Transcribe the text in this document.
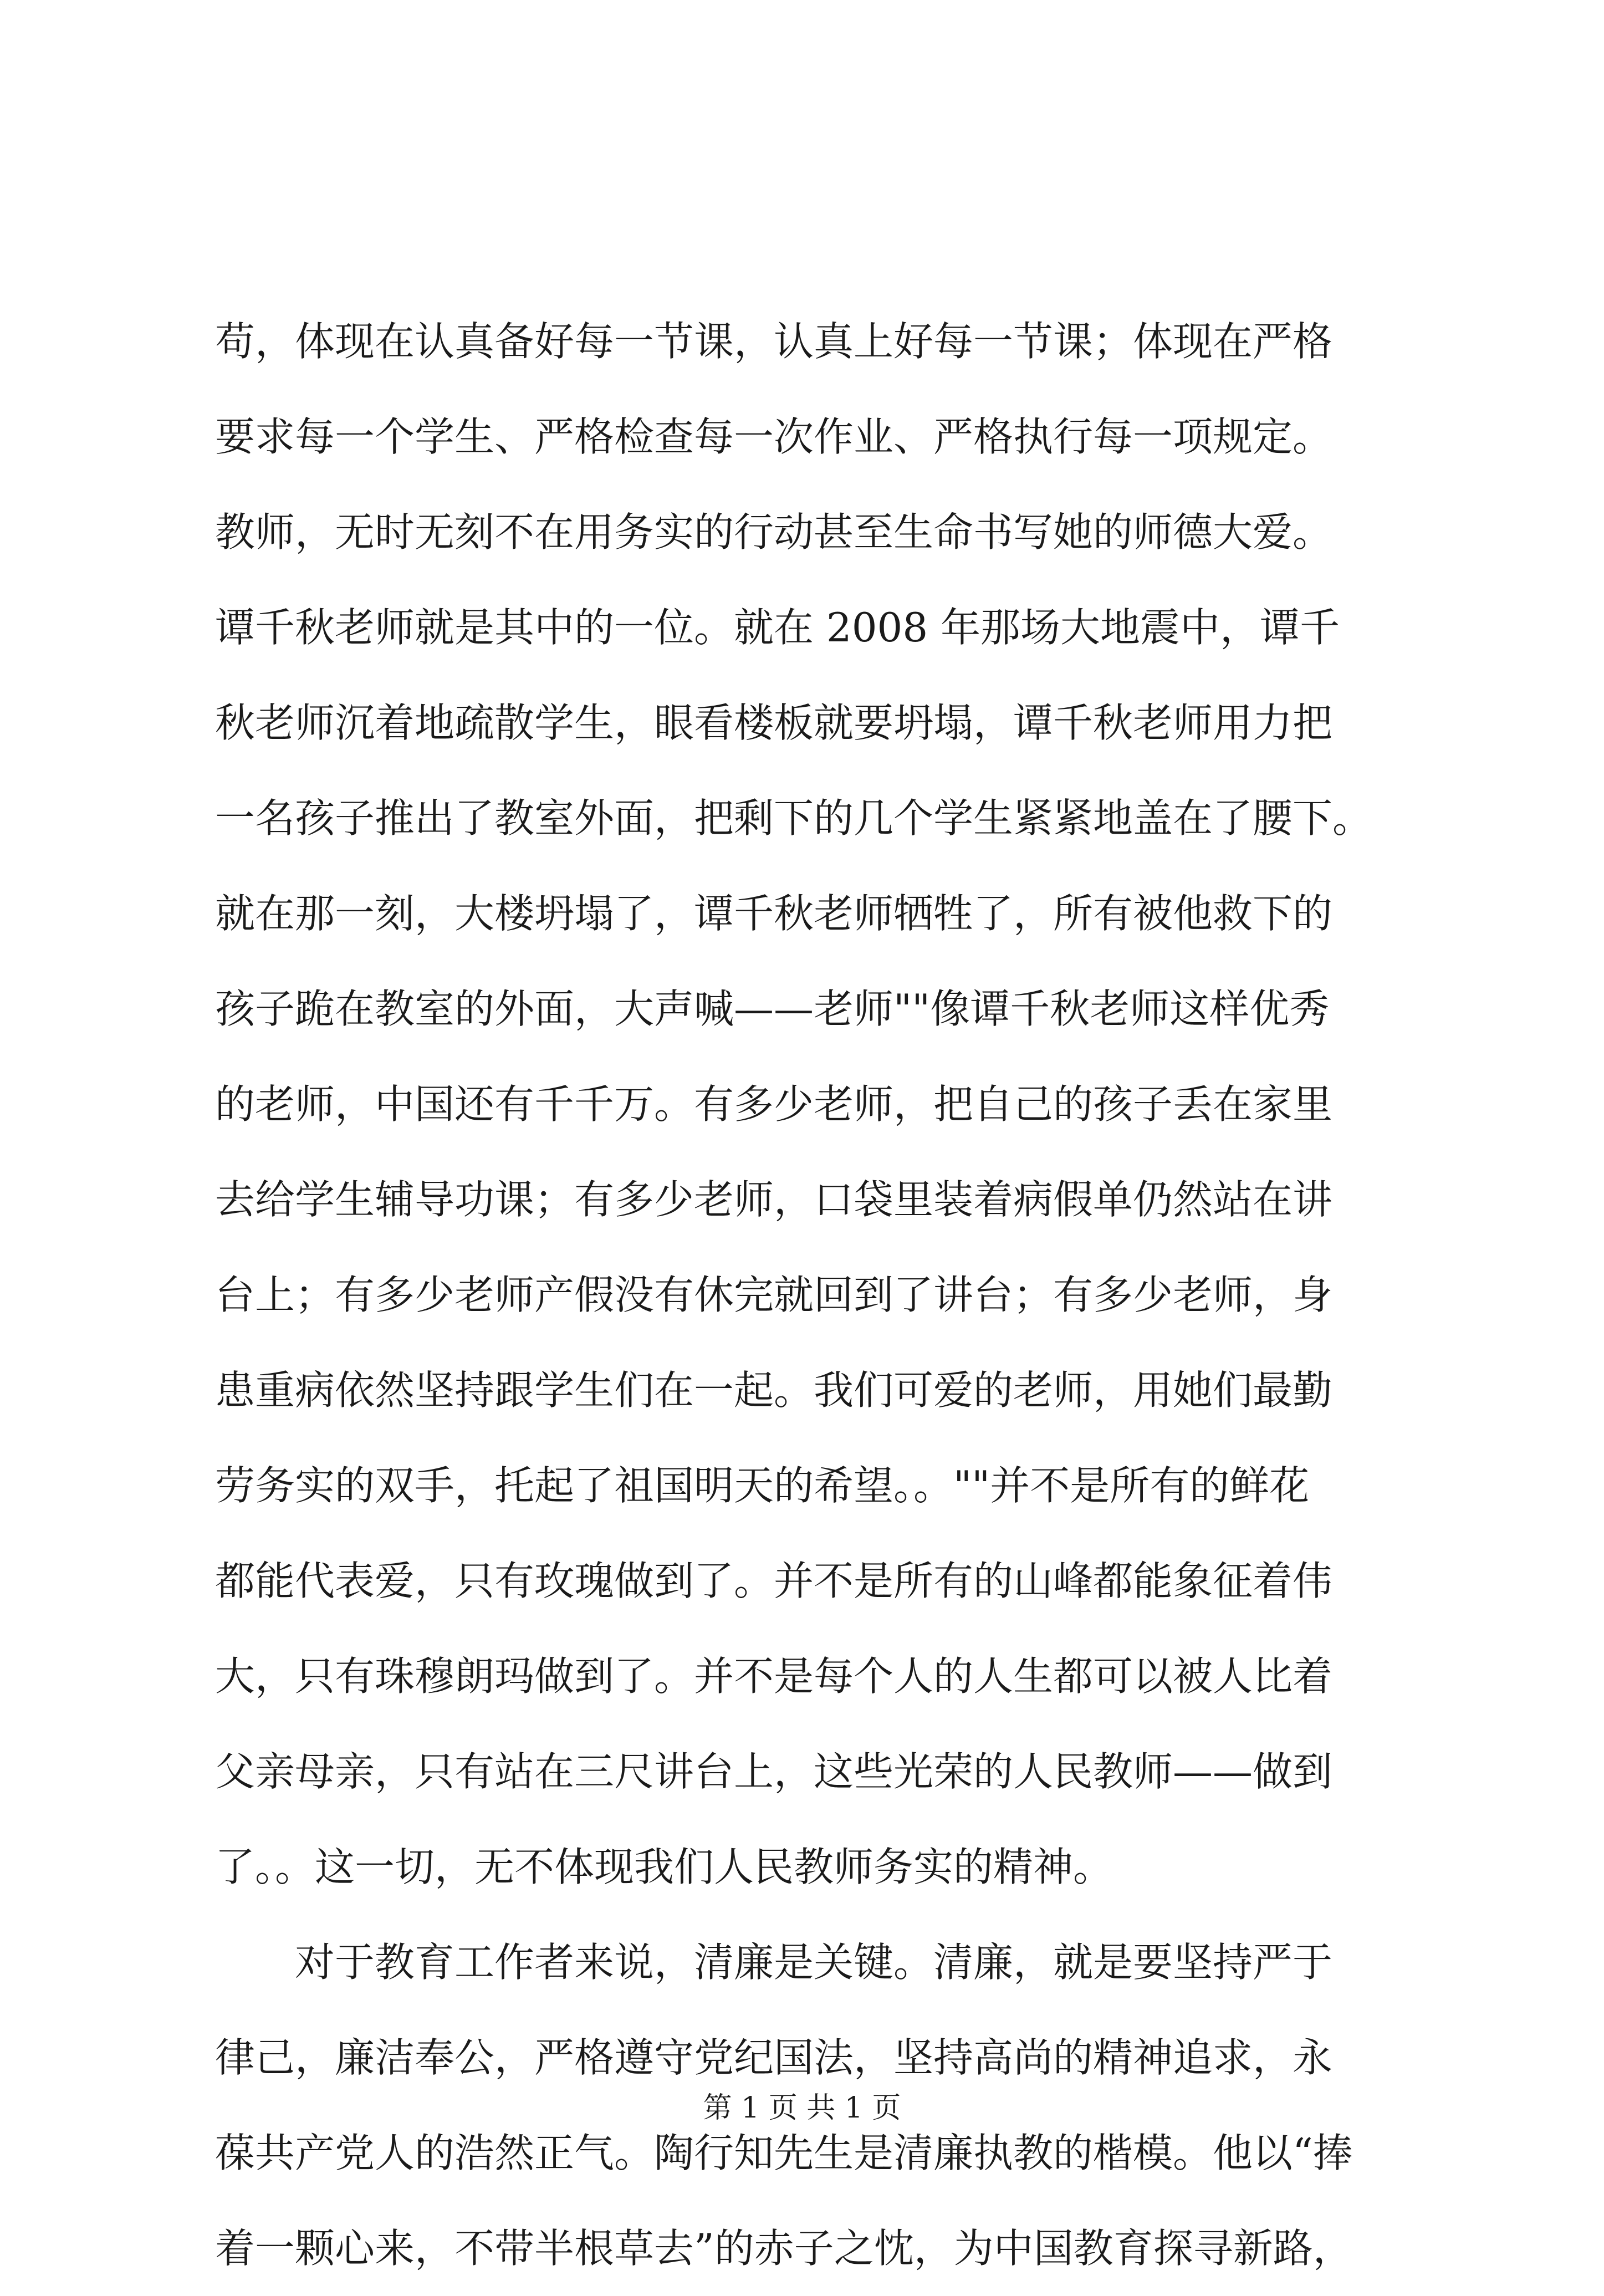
苟，体现在认真备好每一节课，认真上好每一节课；体现在严格
要求每一个学生、严格检查每一次作业、严格执行每一项规定。
教师，无时无刻不在用务实的行动甚至生命书写她的师德大爱。
谭千秋老师就是其中的一位。就在 2008 年那场大地震中，谭千
秋老师沉着地疏散学生，眼看楼板就要坍塌，谭千秋老师用力把
一名孩子推出了教室外面，把剩下的几个学生紧紧地盖在了腰下。
就在那一刻，大楼坍塌了，谭千秋老师牺牲了，所有被他救下的
孩子跪在教室的外面，大声喊——老师""像谭千秋老师这样优秀
的老师，中国还有千千万。有多少老师，把自己的孩子丢在家里
去给学生辅导功课；有多少老师，口袋里装着病假单仍然站在讲
台上；有多少老师产假没有休完就回到了讲台；有多少老师，身
患重病依然坚持跟学生们在一起。我们可爱的老师，用她们最勤
劳务实的双手，托起了祖国明天的希望。。""并不是所有的鲜花
都能代表爱，只有玫瑰做到了。并不是所有的山峰都能象征着伟
大，只有珠穆朗玛做到了。并不是每个人的人生都可以被人比着
父亲母亲，只有站在三尺讲台上，这些光荣的人民教师——做到
了。。这一切，无不体现我们人民教师务实的精神。
　　对于教育工作者来说，清廉是关键。清廉，就是要坚持严于
律己，廉洁奉公，严格遵守党纪国法，坚持高尚的精神追求，永
葆共产党人的浩然正气。陶行知先生是清廉执教的楷模。他以“捧
着一颗心来，不带半根草去”的赤子之忱，为中国教育探寻新路，
第 1 页 共 1 页
